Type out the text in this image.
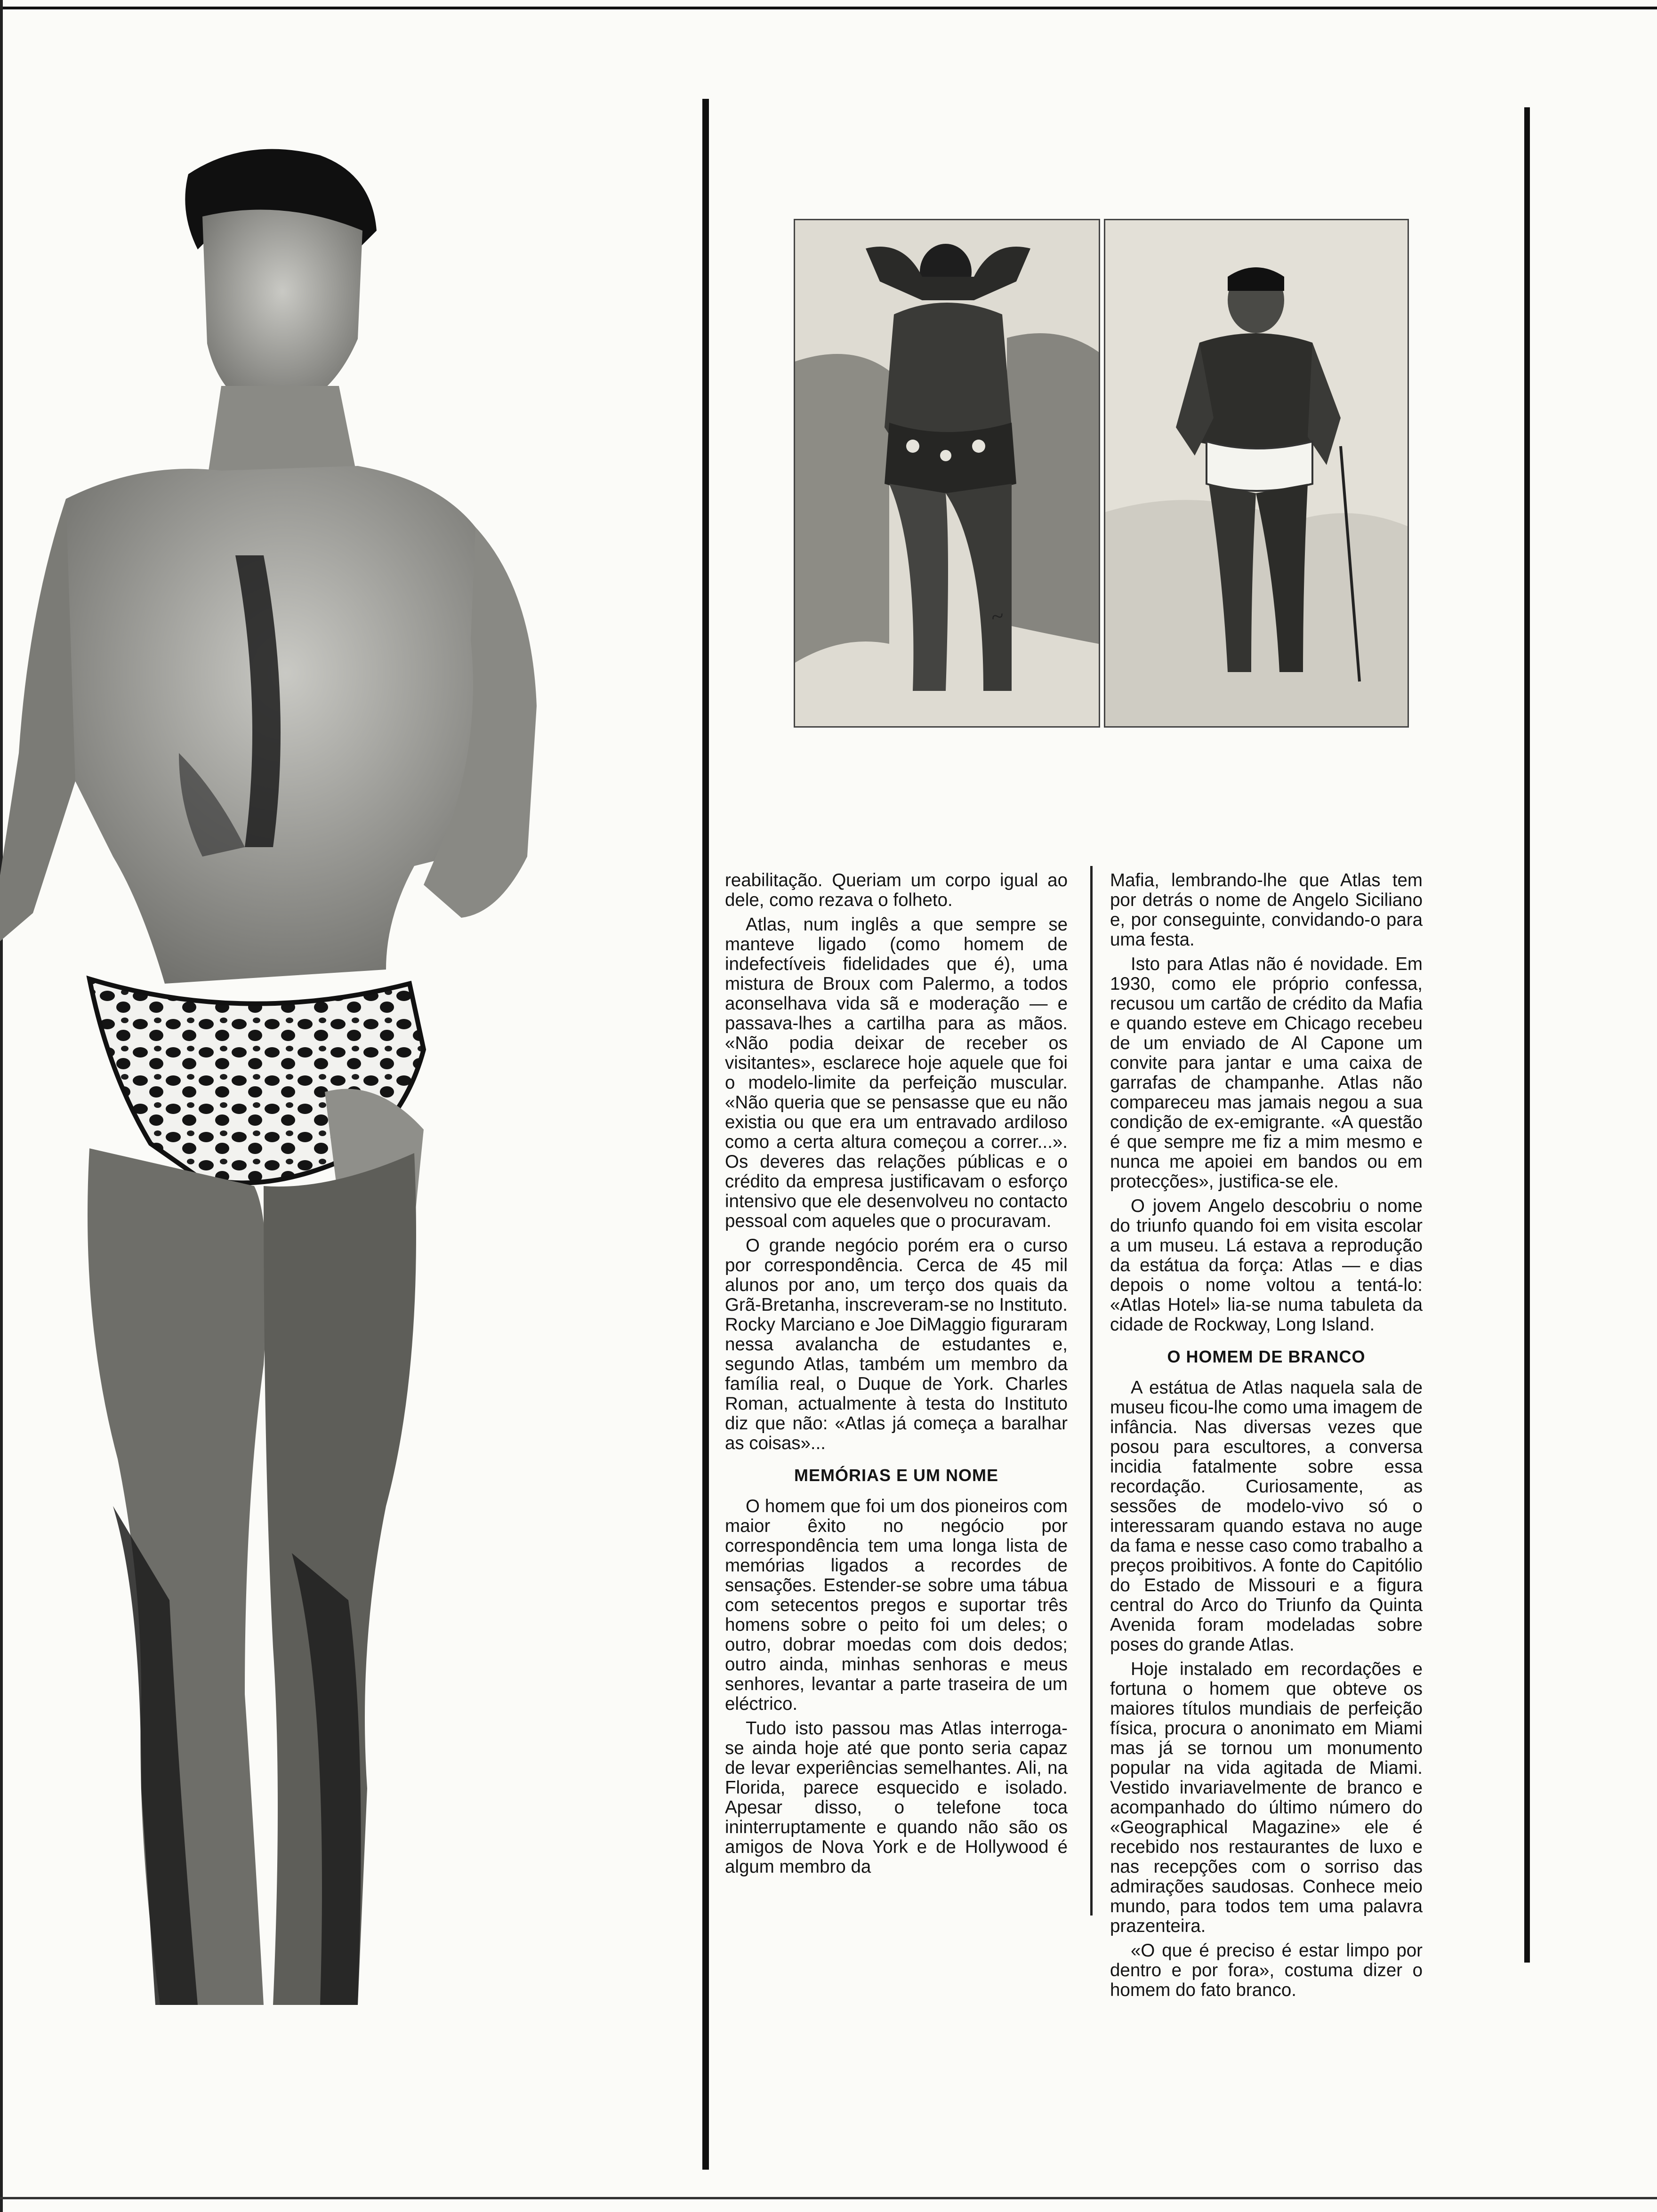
~

reabilitação. Queriam um corpo igual ao dele, como rezava o folheto.

Atlas, num inglês a que sempre se manteve ligado (como homem de indefectíveis fidelidades que é), uma mistura de Broux com Palermo, a todos aconselhava vida sã e moderação — e passava-lhes a cartilha para as mãos. «Não podia deixar de receber os visitantes», esclarece hoje aquele que foi o modelo-limite da perfeição muscular. «Não queria que se pensasse que eu não existia ou que era um entravado ardiloso como a certa altura começou a correr...». Os deveres das relações públicas e o crédito da empresa justificavam o esforço intensivo que ele desenvolveu no contacto pessoal com aqueles que o procuravam.

O grande negócio porém era o curso por correspondência. Cerca de 45 mil alunos por ano, um terço dos quais da Grã-Bretanha, inscreveram-se no Instituto. Rocky Marciano e Joe DiMaggio figuraram nessa avalancha de estudantes e, segundo Atlas, também um membro da família real, o Duque de York. Charles Roman, actualmente à testa do Instituto diz que não: «Atlas já começa a baralhar as coisas»...

MEMÓRIAS E UM NOME

O homem que foi um dos pioneiros com maior êxito no negócio por correspondência tem uma longa lista de memórias ligados a recordes de sensações. Estender-se sobre uma tábua com setecentos pregos e suportar três homens sobre o peito foi um deles; o outro, dobrar moedas com dois dedos; outro ainda, minhas senhoras e meus senhores, levantar a parte traseira de um eléctrico.

Tudo isto passou mas Atlas interroga-se ainda hoje até que ponto seria capaz de levar experiências semelhantes. Ali, na Florida, parece esquecido e isolado. Apesar disso, o telefone toca ininterruptamente e quando não são os amigos de Nova York e de Hollywood é algum membro da

Mafia, lembrando-lhe que Atlas tem por detrás o nome de Angelo Siciliano e, por conseguinte, convidando-o para uma festa.

Isto para Atlas não é novidade. Em 1930, como ele próprio confessa, recusou um cartão de crédito da Mafia e quando esteve em Chicago recebeu de um enviado de Al Capone um convite para jantar e uma caixa de garrafas de champanhe. Atlas não compareceu mas jamais negou a sua condição de ex-emigrante. «A questão é que sempre me fiz a mim mesmo e nunca me apoiei em bandos ou em protecções», justifica-se ele.

O jovem Angelo descobriu o nome do triunfo quando foi em visita escolar a um museu. Lá estava a reprodução da estátua da força: Atlas — e dias depois o nome voltou a tentá-lo: «Atlas Hotel» lia-se numa tabuleta da cidade de Rockway, Long Island.

O HOMEM DE BRANCO

A estátua de Atlas naquela sala de museu ficou-lhe como uma imagem de infância. Nas diversas vezes que posou para escultores, a conversa incidia fatalmente sobre essa recordação. Curiosamente, as sessões de modelo-vivo só o interessaram quando estava no auge da fama e nesse caso como trabalho a preços proibitivos. A fonte do Capitólio do Estado de Missouri e a figura central do Arco do Triunfo da Quinta Avenida foram modeladas sobre poses do grande Atlas.

Hoje instalado em recordações e fortuna o homem que obteve os maiores títulos mundiais de perfeição física, procura o anonimato em Miami mas já se tornou um monumento popular na vida agitada de Miami. Vestido invariavelmente de branco e acompanhado do último número do «Geographical Magazine» ele é recebido nos restaurantes de luxo e nas recepções com o sorriso das admirações saudosas. Conhece meio mundo, para todos tem uma palavra prazenteira.

«O que é preciso é estar limpo por dentro e por fora», costuma dizer o homem do fato branco.
